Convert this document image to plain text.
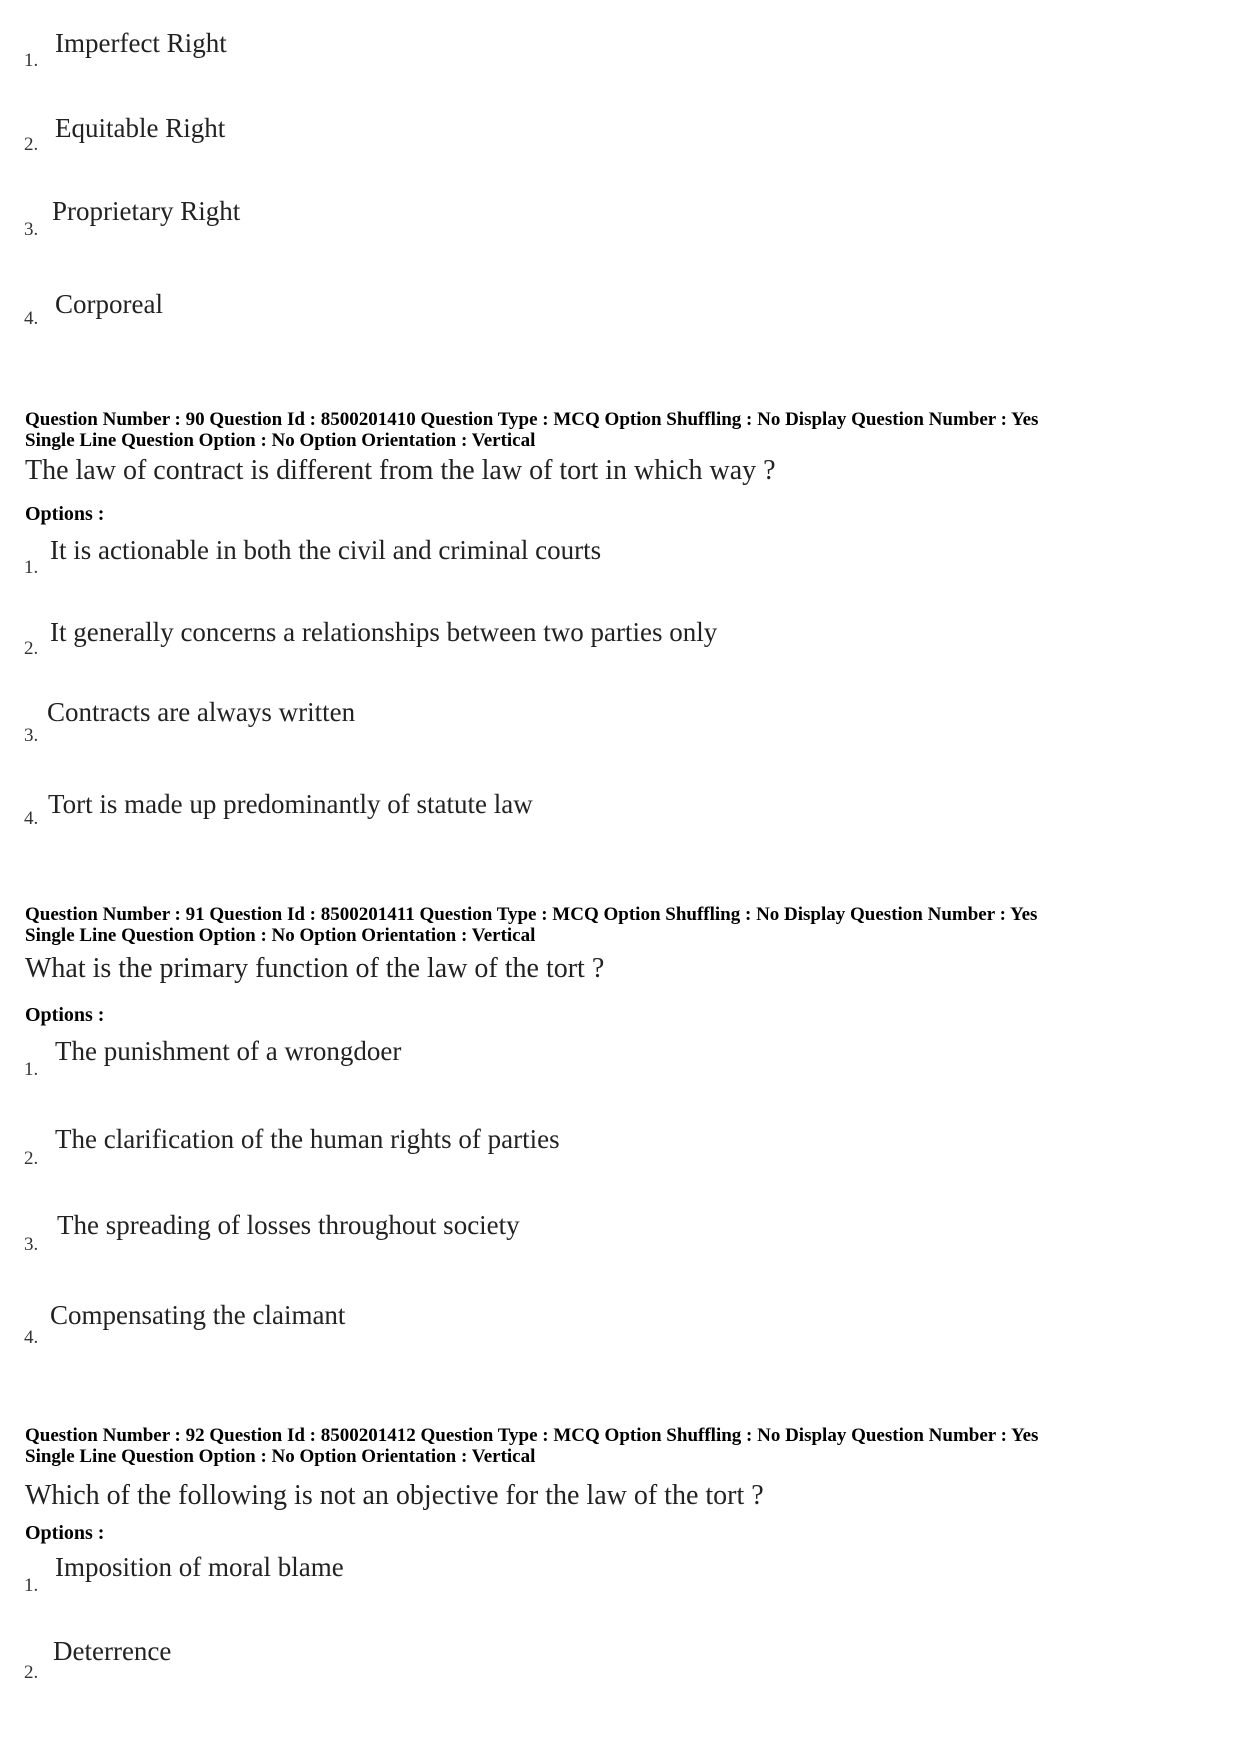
1.
Imperfect Right
2.
Equitable Right
3.
Proprietary Right
4. Corporeal
Question Number : 90 Question Id : 8500201410 Question Type : MCQ Option Shuffling : No Display Question Number : Yes
Single Line Question Option : No Option Orientation : Vertical
The law of contract is different from the law of tort in which way ?
Options :
1.
It is actionable in both the civil and criminal courts
2.
It generally concerns a relationships between two parties only
3.
Contracts are always written
4. Tort is made up predominantly of statute law
Question Number : 91 Question Id : 8500201411 Question Type : MCQ Option Shuffling : No Display Question Number : Yes
Single Line Question Option : No Option Orientation : Vertical
What is the primary function of the law of the tort ?
Options :
1.
The punishment of a wrongdoer
2.
The clarification of the human rights of parties
3.
The spreading of losses throughout society
4.
Compensating the claimant
Question Number : 92 Question Id : 8500201412 Question Type : MCQ Option Shuffling : No Display Question Number : Yes
Single Line Question Option : No Option Orientation : Vertical
Which of the following is not an objective for the law of the tort ?
Options :
1.
Imposition of moral blame
2.
Deterrence
